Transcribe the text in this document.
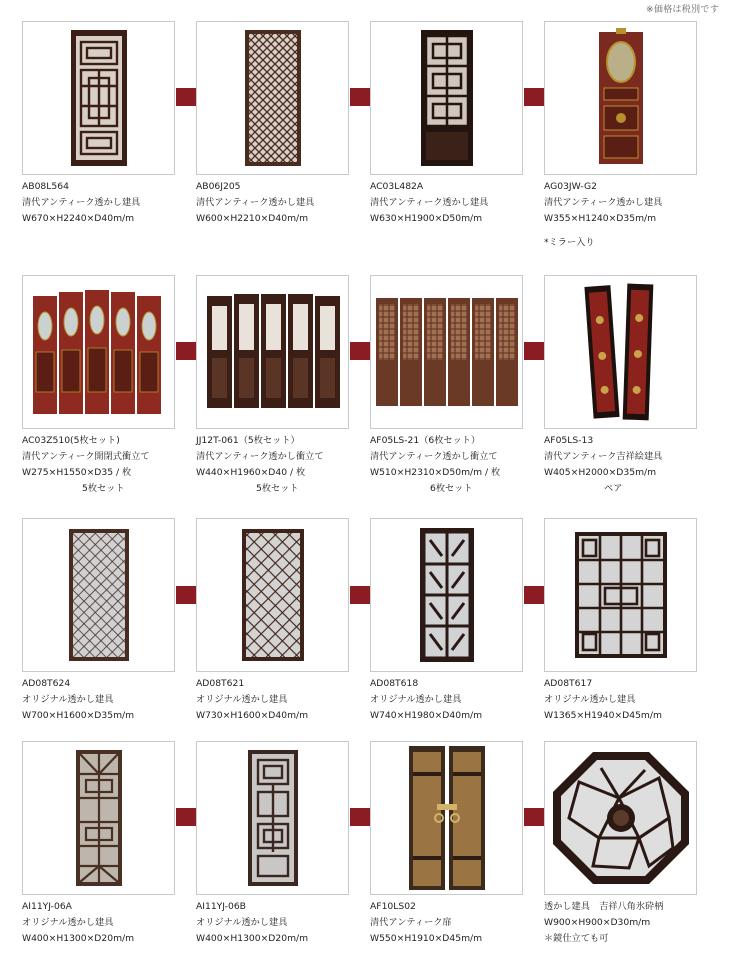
※価格は税別です
AB08L564
清代アンティーク透かし建具
W670×H2240×D40m/m
AB06J205
清代アンティーク透かし建具
W600×H2210×D40m/m
AC03L482A
清代アンティーク透かし建具
W630×H1900×D50m/m
AG03JW-G2
清代アンティーク透かし建具
W355×H1240×D35m/m
*ミラー入り
AC03Z510(5枚セット)
清代アンティーク開閉式衝立て
W275×H1550×D35 / 枚
5枚セット
JJ12T-061（5枚セット）
清代アンティーク透かし衝立て
W440×H1960×D40 / 枚
5枚セット
AF05LS-21（6枚セット）
清代アンティーク透かし衝立て
W510×H2310×D50m/m / 枚
6枚セット
AF05LS-13
清代アンティーク吉祥絵建具
W405×H2000×D35m/m
ペア
AD08T624
オリジナル透かし建具
W700×H1600×D35m/m
AD08T621
オリジナル透かし建具
W730×H1600×D40m/m
AD08T618
オリジナル透かし建具
W740×H1980×D40m/m
AD08T617
オリジナル透かし建具
W1365×H1940×D45m/m
AI11YJ-06A
オリジナル透かし建具
W400×H1300×D20m/m
AI11YJ-06B
オリジナル透かし建具
W400×H1300×D20m/m
AF10LS02
清代アンティーク扉
W550×H1910×D45m/m
透かし建具　吉祥八角氷砕柄
W900×H900×D30m/m
＊鏡仕立ても可
